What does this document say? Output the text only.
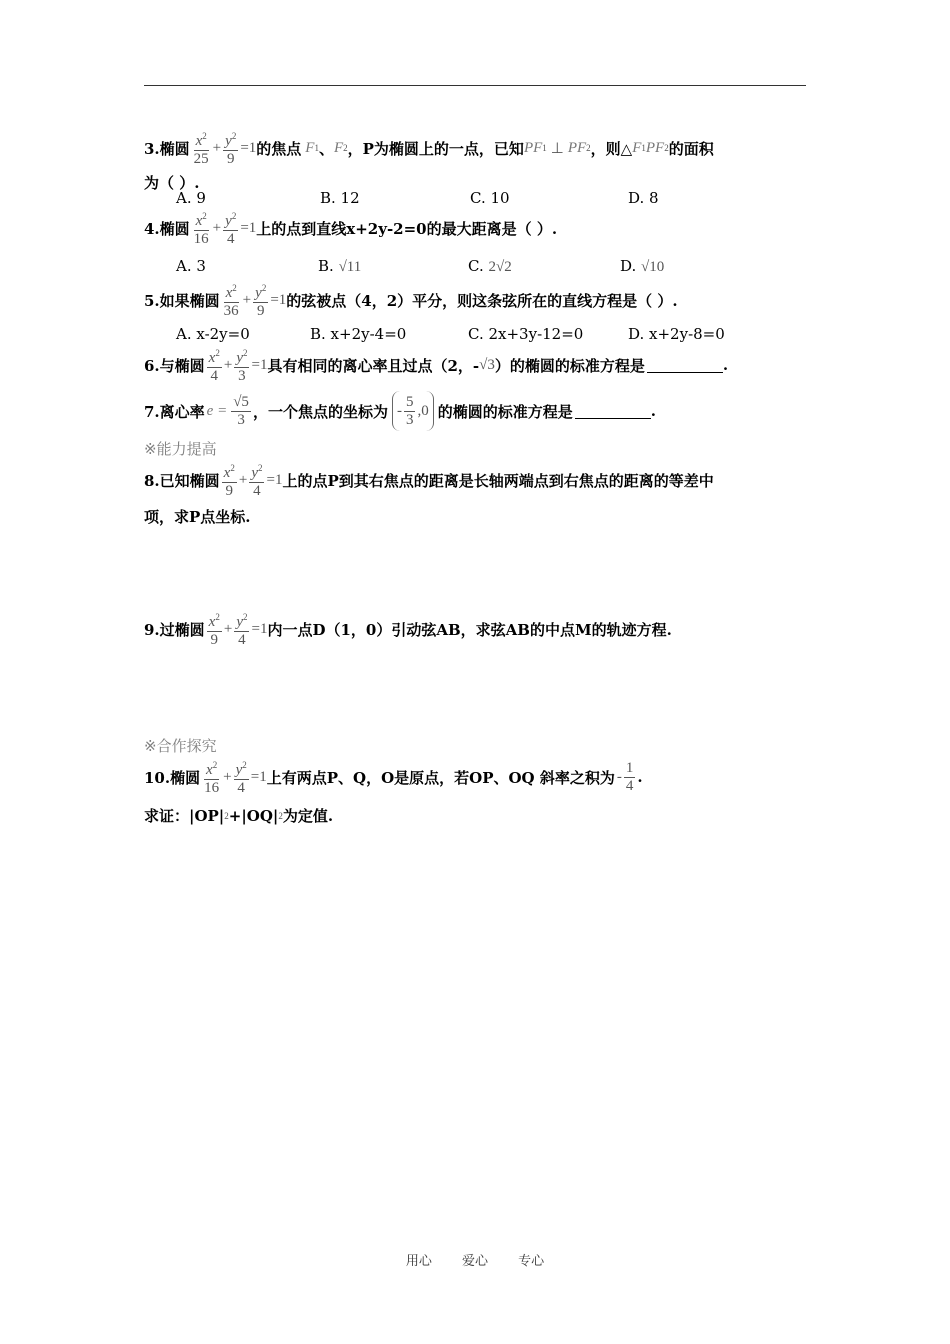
3.椭圆 $\frac{x^2}{25} + \frac{y^2}{9} =1$ 的焦点 F 1 、 F 2 ，P为椭圆上的一点，已知 PF 1 ⊥ PF 2 ，则△ F 1 PF 2 的面积
为（ ）.
A. 9	B. 12	C. 10	D. 8
4.椭圆 $\frac{x^2}{16} + \frac{y^2}{4} =1$ 上的点到直线x+2y-2=0的最大距离是（ ）.
A. 3	B. √11	C. 2√2	D. √10
5.如果椭圆 $\frac{x^2}{36} + \frac{y^2}{9} =1$ 的弦被点（4，2）平分，则这条弦所在的直线方程是（ ）.
A. x-2y=0	B. x+2y-4=0	C. 2x+3y-12=0	D. x+2y-8=0
6.与椭圆 $\frac{x^2}{4} + \frac{y^2}{3} =1$ 具有相同的离心率且过点（2，- √3 ）的椭圆的标准方程是	.
7.离心率 $e = \frac{√5}{3}$ ，一个焦点的坐标为 - $\frac{5}{3} ,0$ 的椭圆的标准方程是	.
※能力提高
8.已知椭圆 $\frac{x^2}{9} + \frac{y^2}{4} =1$ 上的点P到其右焦点的距离是长轴两端点到右焦点的距离的等差中
项，求P点坐标.
9.过椭圆 $\frac{x^2}{9} + \frac{y^2}{4} =1$ 内一点D（1，0）引动弦AB，求弦AB的中点M的轨迹方程.
※合作探究
10.椭圆 $\frac{x^2}{16} + \frac{y^2}{4} =1$ 上有两点P、Q，O是原点，若OP、OQ 斜率之积为 - $\frac{1}{4}$ .
求证：|OP| 2 +|OQ| 2 为定值.
用心 爱心 专心
